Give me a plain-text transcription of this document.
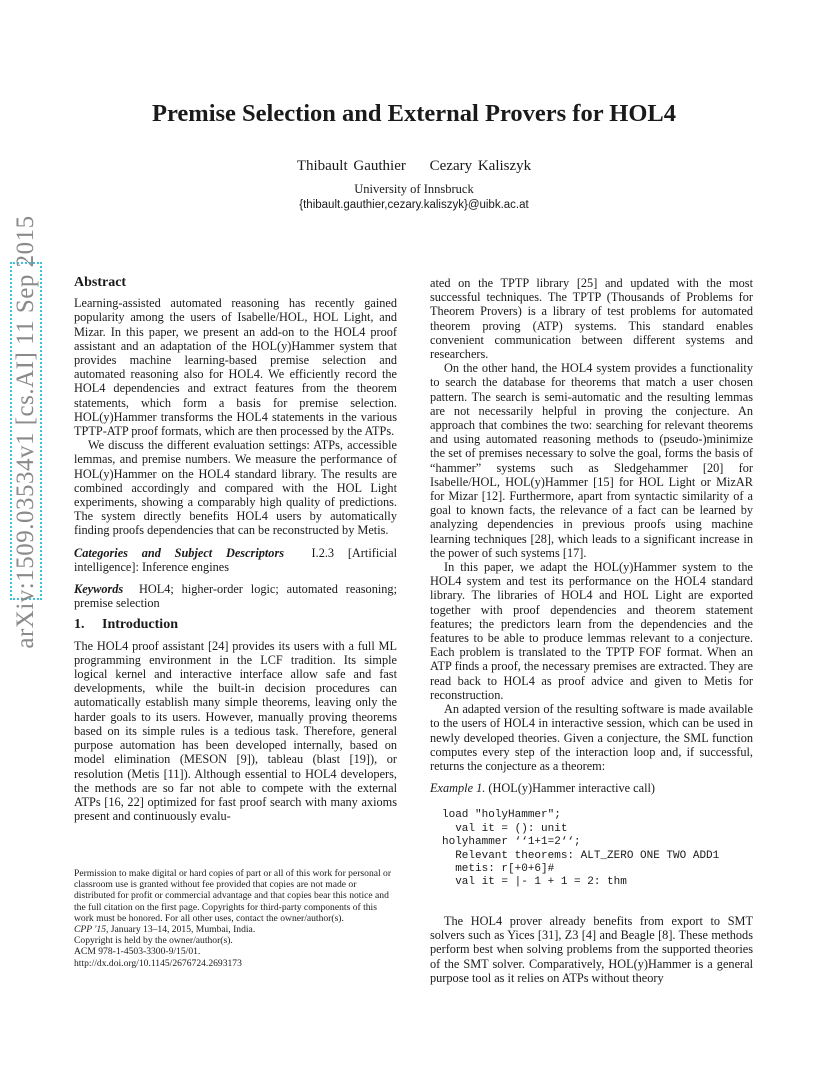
arXiv:1509.03534v1 [cs.AI] 11 Sep 2015
Premise Selection and External Provers for HOL4
Thibault Gauthier Cezary Kaliszyk
University of Innsbruck
{thibault.gauthier,cezary.kaliszyk}@uibk.ac.at
Abstract

Learning-assisted automated reasoning has recently gained popularity among the users of Isabelle/HOL, HOL Light, and Mizar. In this paper, we present an add-on to the HOL4 proof assistant and an adaptation of the HOL(y)Hammer system that provides machine learning-based premise selection and automated reasoning also for HOL4. We efficiently record the HOL4 dependencies and extract features from the theorem statements, which form a basis for premise selection. HOL(y)Hammer transforms the HOL4 statements in the various TPTP-ATP proof formats, which are then processed by the ATPs.

We discuss the different evaluation settings: ATPs, accessible lemmas, and premise numbers. We measure the performance of HOL(y)Hammer on the HOL4 standard library. The results are combined accordingly and compared with the HOL Light experiments, showing a comparably high quality of predictions. The system directly benefits HOL4 users by automatically finding proofs dependencies that can be reconstructed by Metis.

Categories and Subject Descriptors I.2.3 [Artificial intelligence]: Inference engines

Keywords HOL4; higher-order logic; automated reasoning; premise selection

1. Introduction

The HOL4 proof assistant [24] provides its users with a full ML programming environment in the LCF tradition. Its simple logical kernel and interactive interface allow safe and fast developments, while the built-in decision procedures can automatically establish many simple theorems, leaving only the harder goals to its users. However, manually proving theorems based on its simple rules is a tedious task. Therefore, general purpose automation has been developed internally, based on model elimination (MESON [9]), tableau (blast [19]), or resolution (Metis [11]). Although essential to HOL4 developers, the methods are so far not able to compete with the external ATPs [16, 22] optimized for fast proof search with many axioms present and continuously evalu-

Permission to make digital or hard copies of part or all of this work for personal or classroom use is granted without fee provided that copies are not made or distributed for profit or commercial advantage and that copies bear this notice and the full citation on the first page. Copyrights for third-party components of this work must be honored. For all other uses, contact the owner/author(s).

CPP '15, January 13–14, 2015, Mumbai, India.

Copyright is held by the owner/author(s).

ACM 978-1-4503-3300-9/15/01.

http://dx.doi.org/10.1145/2676724.2693173

ated on the TPTP library [25] and updated with the most successful techniques. The TPTP (Thousands of Problems for Theorem Provers) is a library of test problems for automated theorem proving (ATP) systems. This standard enables convenient communication between different systems and researchers.

On the other hand, the HOL4 system provides a functionality to search the database for theorems that match a user chosen pattern. The search is semi-automatic and the resulting lemmas are not necessarily helpful in proving the conjecture. An approach that combines the two: searching for relevant theorems and using automated reasoning methods to (pseudo-)minimize the set of premises necessary to solve the goal, forms the basis of “hammer” systems such as Sledgehammer [20] for Isabelle/HOL, HOL(y)Hammer [15] for HOL Light or MizAR for Mizar [12]. Furthermore, apart from syntactic similarity of a goal to known facts, the relevance of a fact can be learned by analyzing dependencies in previous proofs using machine learning techniques [28], which leads to a significant increase in the power of such systems [17].

In this paper, we adapt the HOL(y)Hammer system to the HOL4 system and test its performance on the HOL4 standard library. The libraries of HOL4 and HOL Light are exported together with proof dependencies and theorem statement features; the predictors learn from the dependencies and the features to be able to produce lemmas relevant to a conjecture. Each problem is translated to the TPTP FOF format. When an ATP finds a proof, the necessary premises are extracted. They are read back to HOL4 as proof advice and given to Metis for reconstruction.

An adapted version of the resulting software is made available to the users of HOL4 in interactive session, which can be used in newly developed theories. Given a conjecture, the SML function computes every step of the interaction loop and, if successful, returns the conjecture as a theorem:

Example 1. (HOL(y)Hammer interactive call)

load "holyHammer";
val it = (): unit
holyhammer ‘‘1+1=2‘‘;
Relevant theorems: ALT_ZERO ONE TWO ADD1
metis: r[+0+6]#
val it = |- 1 + 1 = 2: thm

The HOL4 prover already benefits from export to SMT solvers such as Yices [31], Z3 [4] and Beagle [8]. These methods perform best when solving problems from the supported theories of the SMT solver. Comparatively, HOL(y)Hammer is a general purpose tool as it relies on ATPs without theory
